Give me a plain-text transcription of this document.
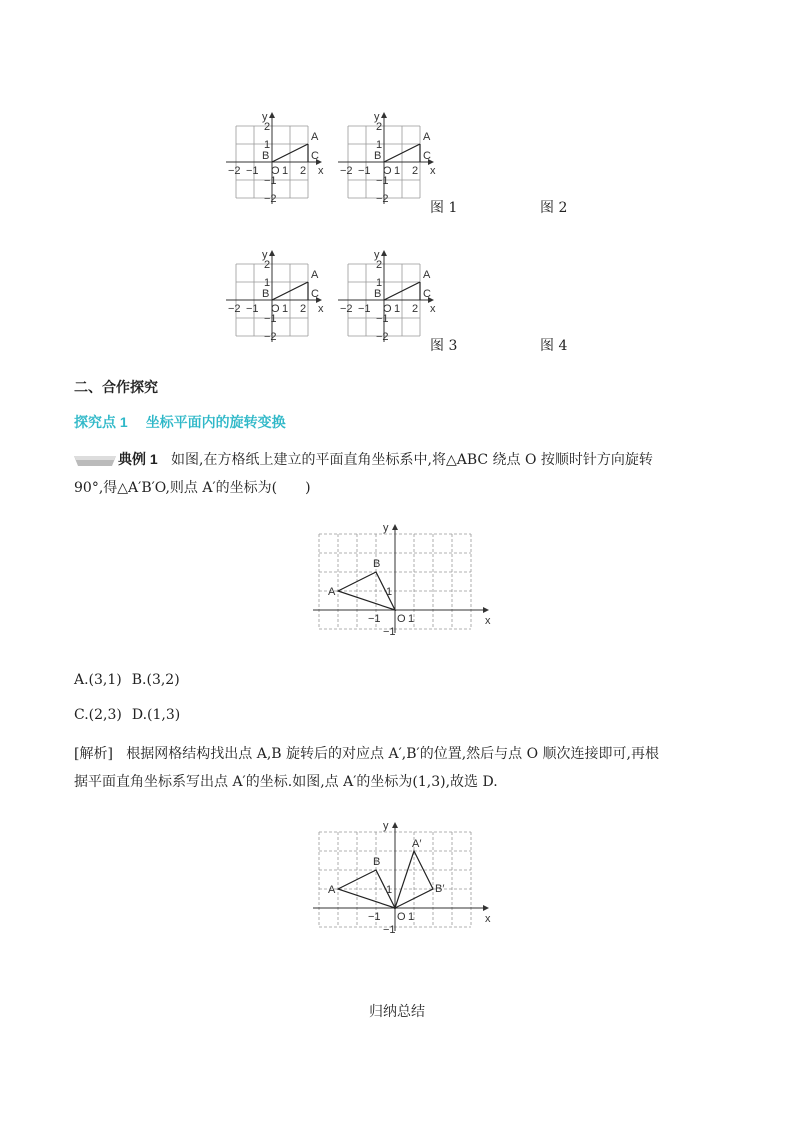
x
y
−2 −1 1 2
O
2
1
−1
−2
A
B	C
x
y
−2 −1 1 2
O
2
1
−1
−2
A
B	C
x
y
−2 −1 1 2
O
2
1
−1
−2
A
B	C
x
y
−2 −1 1 2
O
2
1
−1
−2
A
B	C
图 1	图 2
图 3	图 4
二、合作探究
探究点 1 坐标平面内的旋转变换
典例 1 如图,在方格纸上建立的平面直角坐标系中,将△ABC 绕点 O 按顺时针方向旋转
90°,得△A′B′O,则点 A′的坐标为(　　)
x
y
O
−1 1
1
−1
A
B
A.(3,1) B.(3,2)
C.(2,3) D.(1,3)
[解析] 根据网格结构找出点 A,B 旋转后的对应点 A′,B′的位置,然后与点 O 顺次连接即可,再根
据平面直角坐标系写出点 A′的坐标.如图,点 A′的坐标为(1,3),故选 D.
x
y
O
−1 1
1
−1
A
B
A′
B′
归纳总结
